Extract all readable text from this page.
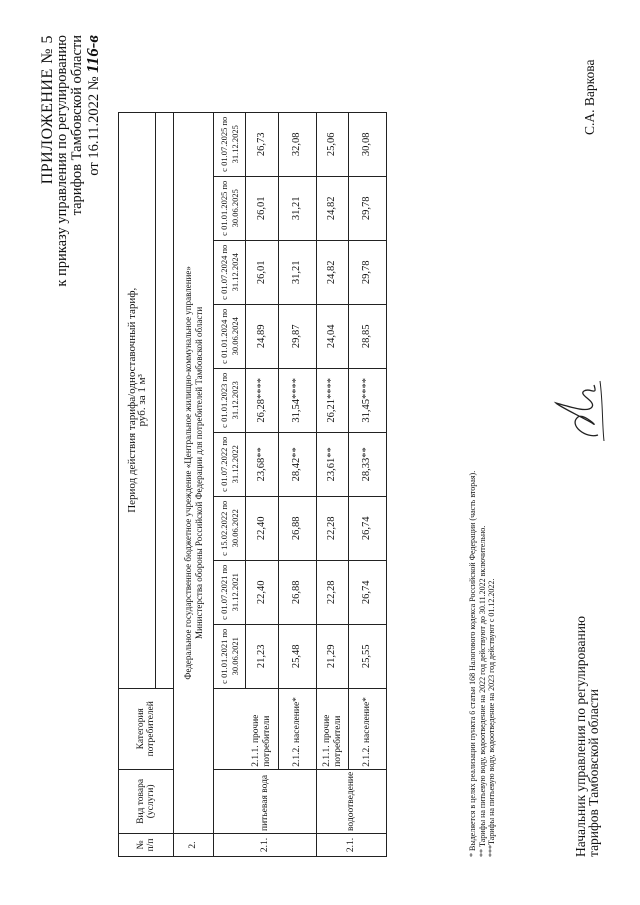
ПРИЛОЖЕНИЕ № 5
к приказу управления по регулированию тарифов Тамбовской области от 16.11.2022 № 116-в
№ п/п	Вид товара (услуги)	Категория потребителей	Период действия тарифа/одноставочный тариф,
руб. за 1 м³								

2.	Федеральное государственное бюджетное учреждение «Центральное жилищно-коммунальное управление» Министерства обороны Российской Федерации для потребителей Тамбовской области										

2.1.	питьевая вода		с 01.01.2021 по 30.06.2021	с 01.07.2021 по 31.12.2021	с 15.02.2022 по 30.06.2022	с 01.07.2022 по 31.12.2022	с 01.01.2023 по 31.12.2023	с 01.01.2024 по 30.06.2024	с 01.07.2024 по 31.12.2024	с 01.01.2025 по 30.06.2025	с 01.07.2025 по 31.12.2025
		2.1.1. прочие потребители	21,23	22,40	22,40	23,68**	26,28****	24,89	26,01	26,01	26,73
		2.1.2. население*	25,48	26,88	26,88	28,42**	31,54****	29,87	31,21	31,21	32,08
2.1.	водоотведение	2.1.1. прочие потребители	21,29	22,28	22,28	23,61**	26,21****	24,04	24,82	24,82	25,06
		2.1.2. население*	25,55	26,74	26,74	28,33**	31,45****	28,85	29,78	29,78	30,08
* Выделяется в целях реализации пункта 6 статьи 168 Налогового кодекса Российской Федерации (часть вторая). ** Тарифы на питьевую воду, водоотведение на 2022 год действуют до 30.11.2022 включительно. ***Тарифы на питьевую воду, водоотведение на 2023 год действуют с 01.12.2022.	Начальник управления по регулированию
тарифов Тамбовской области
С.А. Варкова
